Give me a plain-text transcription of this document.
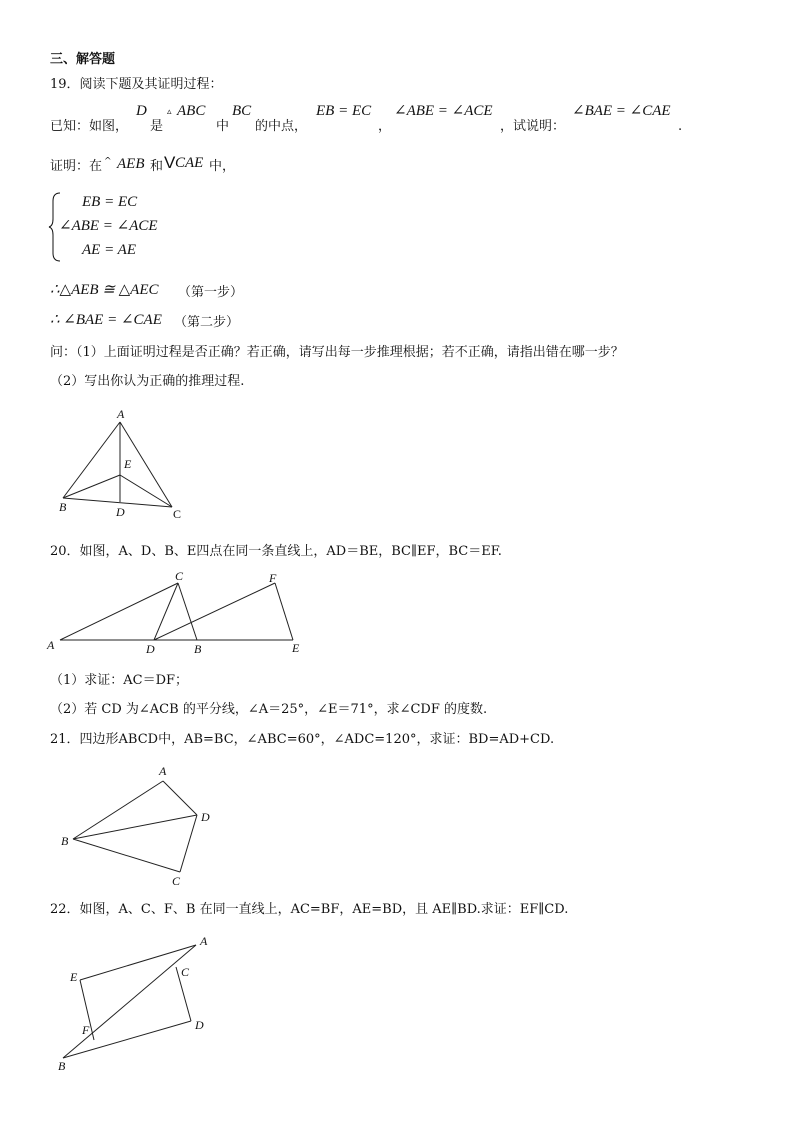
三、解答题
19．阅读下题及其证明过程：
已知：如图，
D
是
▵ ABC
中
BC
的中点，
EB = EC
，
∠ABE = ∠ACE
，试说明：
∠BAE = ∠CAE
.
证明：在 ^ AEB 和 V CAE 中，
EB = EC
∠ABE = ∠ACE
AE = AE
∴△AEB ≅ △AEC （第一步）
∴ ∠BAE = ∠CAE （第二步）
问：（1）上面证明过程是否正确？若正确，请写出每一步推理根据；若不正确，请指出错在哪一步？
（2）写出你认为正确的推理过程.
A
E
B	D	C
20．如图，A、D、B、E四点在同一条直线上，AD＝BE，BC∥EF，BC＝EF.
A	D	B	E
C	F
（1）求证：AC＝DF；
（2）若 CD 为∠ACB 的平分线，∠A＝25°，∠E＝71°，求∠CDF 的度数.
21．四边形ABCD中，AB=BC，∠ABC=60°，∠ADC=120°，求证：BD=AD+CD.
A
B
C
D
22．如图，A、C、F、B 在同一直线上，AC=BF，AE=BD，且 AE∥BD.求证：EF∥CD.
A
C
E
F	D
B
